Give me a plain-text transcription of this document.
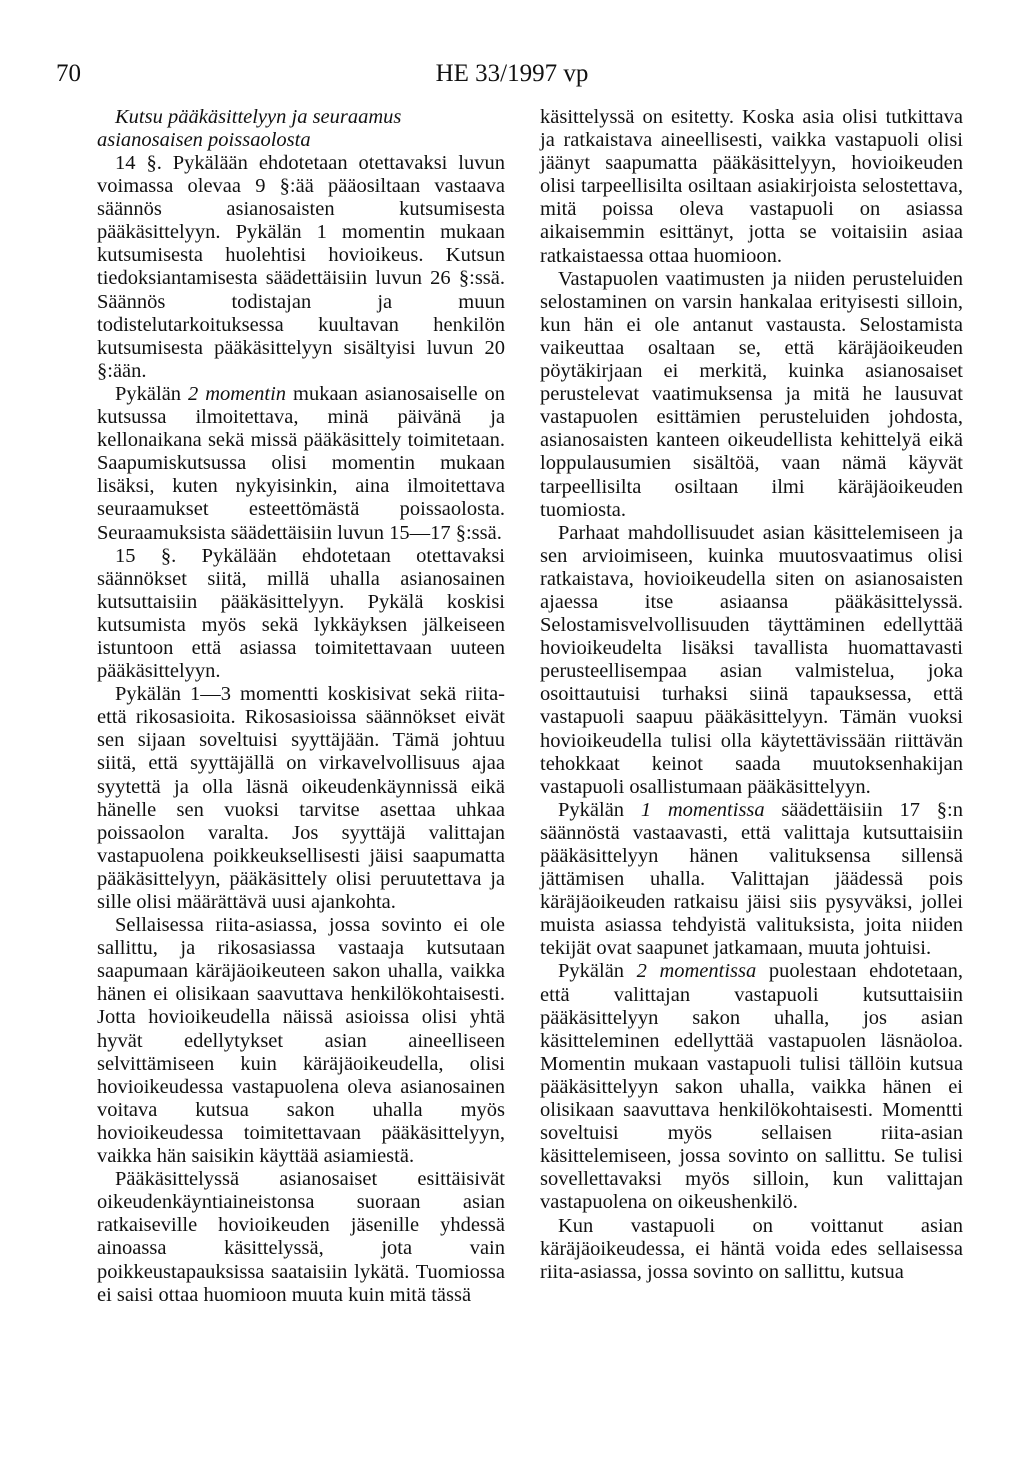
70	HE 33/1997 vp

Kutsu pääkäsittelyyn ja seuraamus asianosaisen poissaolosta

14 §. Pykälään ehdotetaan otettavaksi luvun voimassa olevaa 9 §:ää pääosiltaan vastaava säännös asianosaisten kutsumisesta pääkäsittelyyn. Pykälän 1 momentin mukaan kutsumisesta huolehtisi hovioikeus. Kutsun tiedoksiantamisesta säädettäisiin luvun 26 §:ssä. Säännös todistajan ja muun todistelutarkoituksessa kuultavan henkilön kutsumisesta pääkäsittelyyn sisältyisi luvun 20 §:ään.

Pykälän 2 momentin mukaan asianosaiselle on kutsussa ilmoitettava, minä päivänä ja kellonaikana sekä missä pääkäsittely toimitetaan. Saapumiskutsussa olisi momentin mukaan lisäksi, kuten nykyisinkin, aina ilmoitettava seuraamukset esteettömästä poissaolosta. Seuraamuksista säädettäisiin luvun 15—17 §:ssä.

15 §. Pykälään ehdotetaan otettavaksi säännökset siitä, millä uhalla asianosainen kutsuttaisiin pääkäsittelyyn. Pykälä koskisi kutsumista myös sekä lykkäyksen jälkeiseen istuntoon että asiassa toimitettavaan uuteen pääkäsittelyyn.

Pykälän 1—3 momentti koskisivat sekä riita- että rikosasioita. Rikosasioissa säännökset eivät sen sijaan soveltuisi syyttäjään. Tämä johtuu siitä, että syyttäjällä on virkavelvollisuus ajaa syytettä ja olla läsnä oikeudenkäynnissä eikä hänelle sen vuoksi tarvitse asettaa uhkaa poissaolon varalta. Jos syyttäjä valittajan vastapuolena poikkeuksellisesti jäisi saapumatta pääkäsittelyyn, pääkäsittely olisi peruutettava ja sille olisi määrättävä uusi ajankohta.

Sellaisessa riita-asiassa, jossa sovinto ei ole sallittu, ja rikosasiassa vastaaja kutsutaan saapumaan käräjäoikeuteen sakon uhalla, vaikka hänen ei olisikaan saavuttava henkilökohtaisesti. Jotta hovioikeudella näissä asioissa olisi yhtä hyvät edellytykset asian aineelliseen selvittämiseen kuin käräjäoikeudella, olisi hovioikeudessa vastapuolena oleva asianosainen voitava kutsua sakon uhalla myös hovioikeudessa toimitettavaan pääkäsittelyyn, vaikka hän saisikin käyttää asiamiestä.

Pääkäsittelyssä asianosaiset esittäisivät oikeudenkäyntiaineistonsa suoraan asian ratkaiseville hovioikeuden jäsenille yhdessä ainoassa käsittelyssä, jota vain poikkeustapauksissa saataisiin lykätä. Tuomiossa ei saisi ottaa huomioon muuta kuin mitä tässä

käsittelyssä on esitetty. Koska asia olisi tutkittava ja ratkaistava aineellisesti, vaikka vastapuoli olisi jäänyt saapumatta pääkäsittelyyn, hovioikeuden olisi tarpeellisilta osiltaan asiakirjoista selostettava, mitä poissa oleva vastapuoli on asiassa aikaisemmin esittänyt, jotta se voitaisiin asiaa ratkaistaessa ottaa huomioon.

Vastapuolen vaatimusten ja niiden perusteluiden selostaminen on varsin hankalaa erityisesti silloin, kun hän ei ole antanut vastausta. Selostamista vaikeuttaa osaltaan se, että käräjäoikeuden pöytäkirjaan ei merkitä, kuinka asianosaiset perustelevat vaatimuksensa ja mitä he lausuvat vastapuolen esittämien perusteluiden johdosta, asianosaisten kanteen oikeudellista kehittelyä eikä loppulausumien sisältöä, vaan nämä käyvät tarpeellisilta osiltaan ilmi käräjäoikeuden tuomiosta.

Parhaat mahdollisuudet asian käsittelemiseen ja sen arvioimiseen, kuinka muutosvaatimus olisi ratkaistava, hovioikeudella siten on asianosaisten ajaessa itse asiaansa pääkäsittelyssä. Selostamisvelvollisuuden täyttäminen edellyttää hovioikeudelta lisäksi tavallista huomattavasti perusteellisempaa asian valmistelua, joka osoittautuisi turhaksi siinä tapauksessa, että vastapuoli saapuu pääkäsittelyyn. Tämän vuoksi hovioikeudella tulisi olla käytettävissään riittävän tehokkaat keinot saada muutoksenhakijan vastapuoli osallistumaan pääkäsittelyyn.

Pykälän 1 momentissa säädettäisiin 17 §:n säännöstä vastaavasti, että valittaja kutsuttaisiin pääkäsittelyyn hänen valituksensa sillensä jättämisen uhalla. Valittajan jäädessä pois käräjäoikeuden ratkaisu jäisi siis pysyväksi, jollei muista asiassa tehdyistä valituksista, joita niiden tekijät ovat saapunet jatkamaan, muuta johtuisi.

Pykälän 2 momentissa puolestaan ehdotetaan, että valittajan vastapuoli kutsuttaisiin pääkäsittelyyn sakon uhalla, jos asian käsitteleminen edellyttää vastapuolen läsnäoloa. Momentin mukaan vastapuoli tulisi tällöin kutsua pääkäsittelyyn sakon uhalla, vaikka hänen ei olisikaan saavuttava henkilökohtaisesti. Momentti soveltuisi myös sellaisen riita-asian käsittelemiseen, jossa sovinto on sallittu. Se tulisi sovellettavaksi myös silloin, kun valittajan vastapuolena on oikeushenkilö.

Kun vastapuoli on voittanut asian käräjäoikeudessa, ei häntä voida edes sellaisessa riita-asiassa, jossa sovinto on sallittu, kutsua
